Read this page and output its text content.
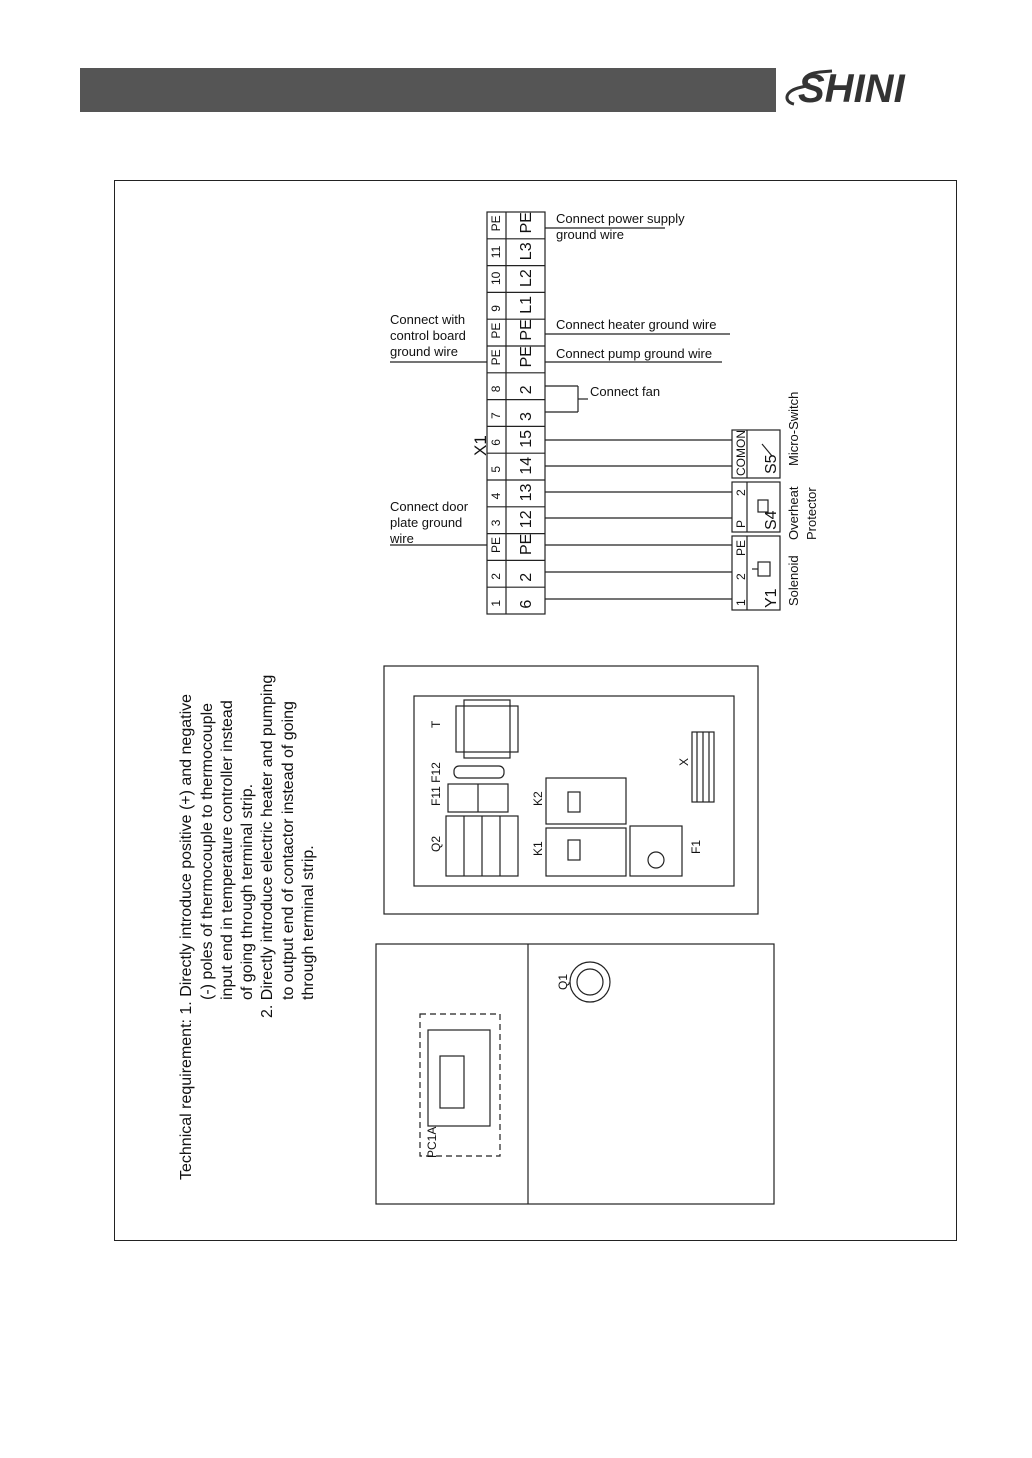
SHINI
1 6
2 2
PE PE
3 12
4 13
5 14
6 15
7 3
8 2
PE PE
PE PE
9 L1
10 L2
11 L3
PE PE
X1
Connect power supply
ground wire
Connect heater ground wire
Connect pump ground wire
Connect fan
Connect with
control board
ground wire
Connect door
plate ground
wire
1
2
PE
Y1 Solenoid
P
2
S4 Overheat Protector
COMON S5 Micro-Switch
Technical requirement: 1. Directly introduce positive (+) and negative (-) poles of thermocouple to thermocouple input end in temperature controller instead of going through terminal strip. 2. Directly introduce electric heater and pumping to output end of contactor instead of going through terminal strip.
T
F11 F12
Q2	K1
K2
F1
X
PC1A
Q1
